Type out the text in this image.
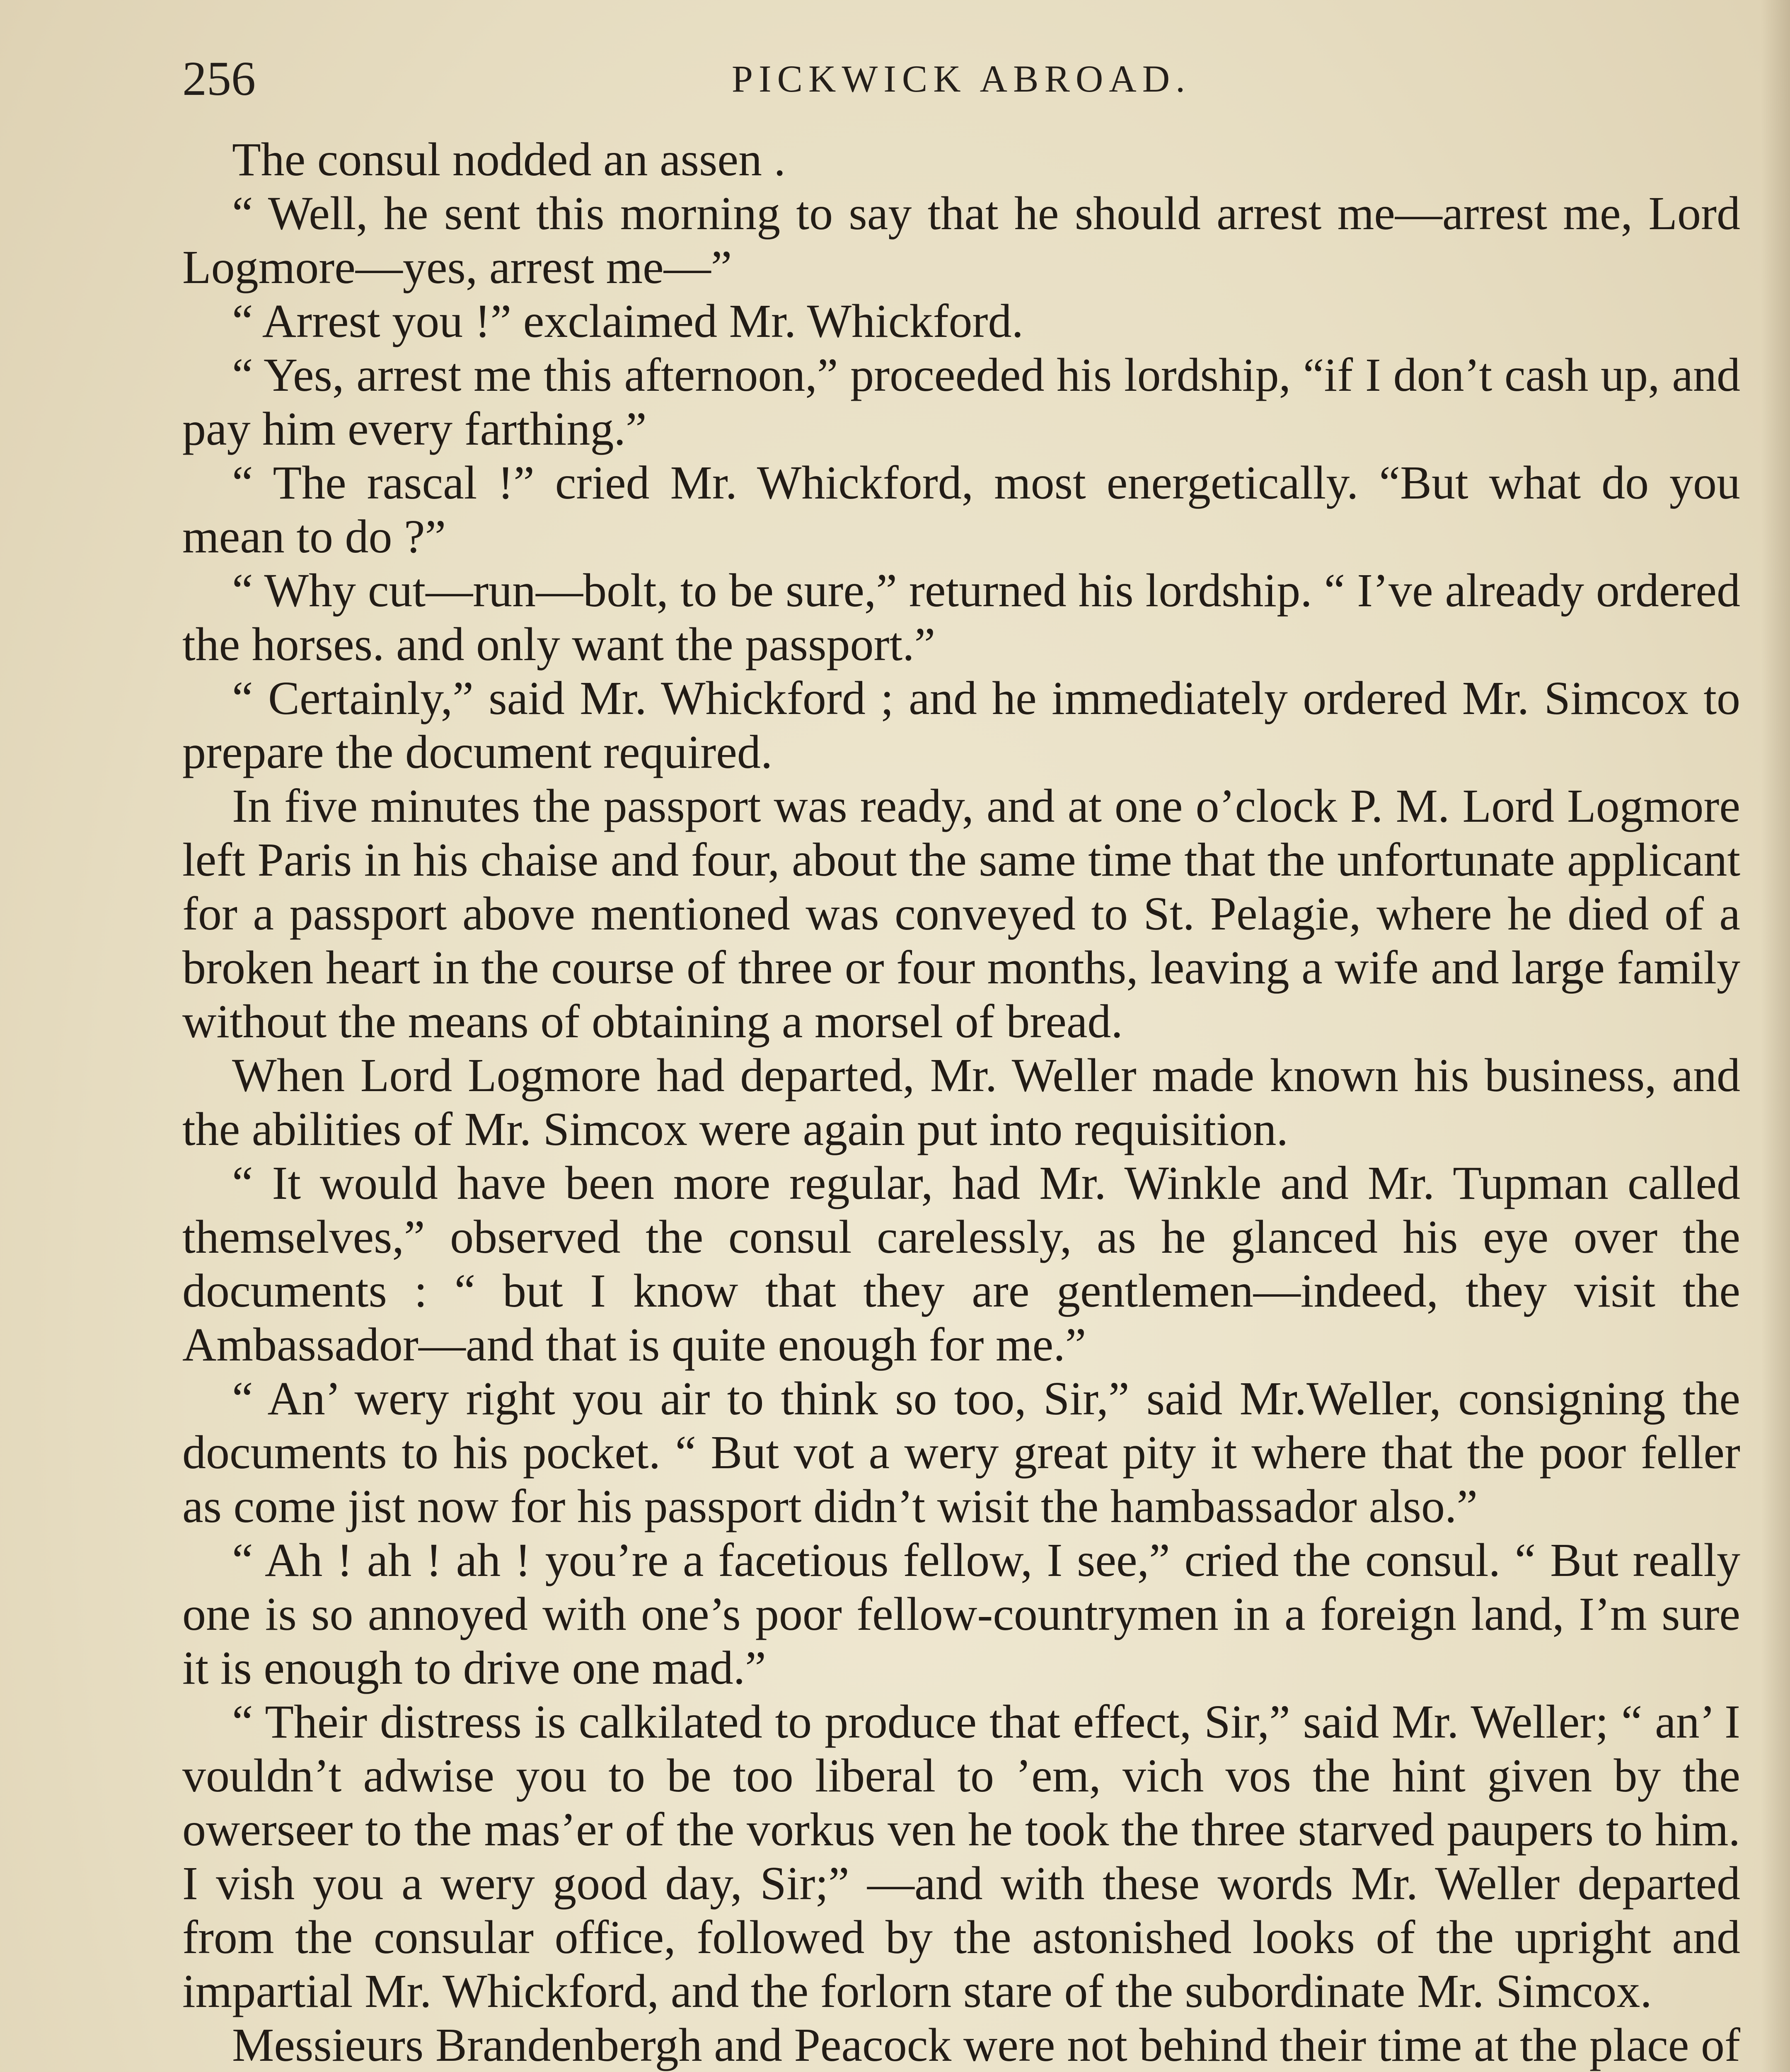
256	PICKWICK ABROAD.

The consul nodded an assen .

“ Well, he sent this morning to say that he should arrest me—arrest me, Lord Logmore—yes, arrest me—”

“ Arrest you !” exclaimed Mr. Whickford.

“ Yes, arrest me this afternoon,” proceeded his lordship, “if I don’t cash up, and pay him every farthing.”

“ The rascal !” cried Mr. Whickford, most energetically. “But what do you mean to do ?”

“ Why cut—run—bolt, to be sure,” returned his lordship. “ I’ve already ordered the horses. and only want the passport.”

“ Certainly,” said Mr. Whickford ; and he immediately ordered Mr. Simcox to prepare the document required.

In five minutes the passport was ready, and at one o’clock P. M. Lord Logmore left Paris in his chaise and four, about the same time that the unfortunate applicant for a passport above mentioned was conveyed to St. Pelagie, where he died of a broken heart in the course of three or four months, leaving a wife and large family without the means of obtaining a morsel of bread.

When Lord Logmore had departed, Mr. Weller made known his business, and the abilities of Mr. Simcox were again put into requisition.

“ It would have been more regular, had Mr. Winkle and Mr. Tupman called themselves,” observed the consul carelessly, as he glanced his eye over the documents : “ but I know that they are gentlemen—indeed, they visit the Ambassador—and that is quite enough for me.”

“ An’ wery right you air to think so too, Sir,” said Mr.Weller, consigning the documents to his pocket. “ But vot a wery great pity it where that the poor feller as come jist now for his passport didn’t wisit the hambassador also.”

“ Ah ! ah ! ah ! you’re a facetious fellow, I see,” cried the consul. “ But really one is so annoyed with one’s poor fellow-countrymen in a foreign land, I’m sure it is enough to drive one mad.”

“ Their distress is calkilated to produce that effect, Sir,” said Mr. Weller; “ an’ I vouldn’t adwise you to be too liberal to ’em, vich vos the hint given by the owerseer to the mas’er of the vorkus ven he took the three starved paupers to him. I vish you a wery good day, Sir;” —and with these words Mr. Weller departed from the consular office, followed by the astonished looks of the upright and impartial Mr. Whickford, and the forlorn stare of the subordinate Mr. Simcox.

Messieurs Brandenbergh and Peacock were not behind their time at the place of
